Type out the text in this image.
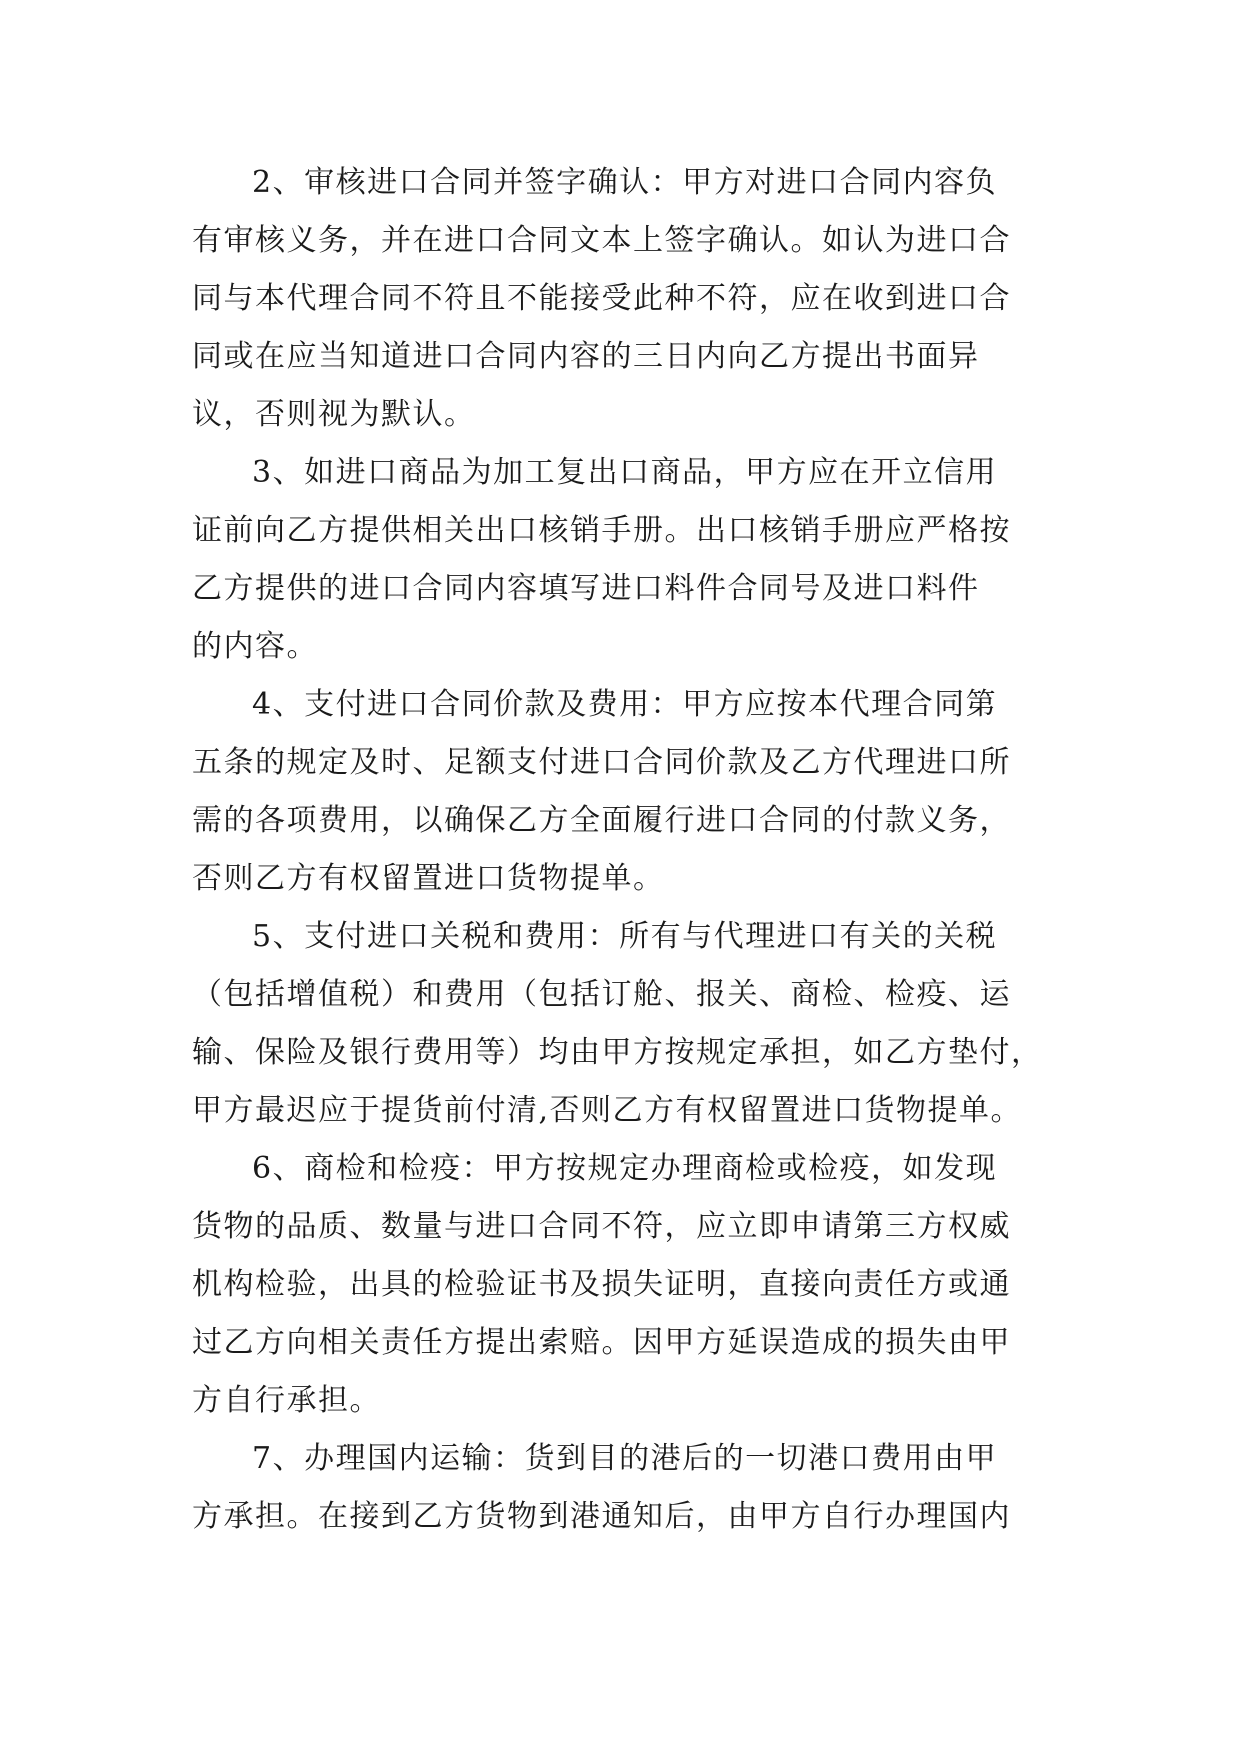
2、审核进口合同并签字确认：甲方对进口合同内容负
有审核义务，并在进口合同文本上签字确认。如认为进口合
同与本代理合同不符且不能接受此种不符，应在收到进口合
同或在应当知道进口合同内容的三日内向乙方提出书面异
议，否则视为默认。
3、如进口商品为加工复出口商品，甲方应在开立信用
证前向乙方提供相关出口核销手册。出口核销手册应严格按
乙方提供的进口合同内容填写进口料件合同号及进口料件
的内容。
4、支付进口合同价款及费用：甲方应按本代理合同第
五条的规定及时、足额支付进口合同价款及乙方代理进口所
需的各项费用，以确保乙方全面履行进口合同的付款义务，
否则乙方有权留置进口货物提单。
5、支付进口关税和费用：所有与代理进口有关的关税
（包括增值税）和费用（包括订舱、报关、商检、检疫、运
输、保险及银行费用等）均由甲方按规定承担，如乙方垫付，
甲方最迟应于提货前付清,否则乙方有权留置进口货物提单。
6、商检和检疫：甲方按规定办理商检或检疫，如发现
货物的品质、数量与进口合同不符，应立即申请第三方权威
机构检验，出具的检验证书及损失证明，直接向责任方或通
过乙方向相关责任方提出索赔。因甲方延误造成的损失由甲
方自行承担。
7、办理国内运输：货到目的港后的一切港口费用由甲
方承担。在接到乙方货物到港通知后，由甲方自行办理国内
